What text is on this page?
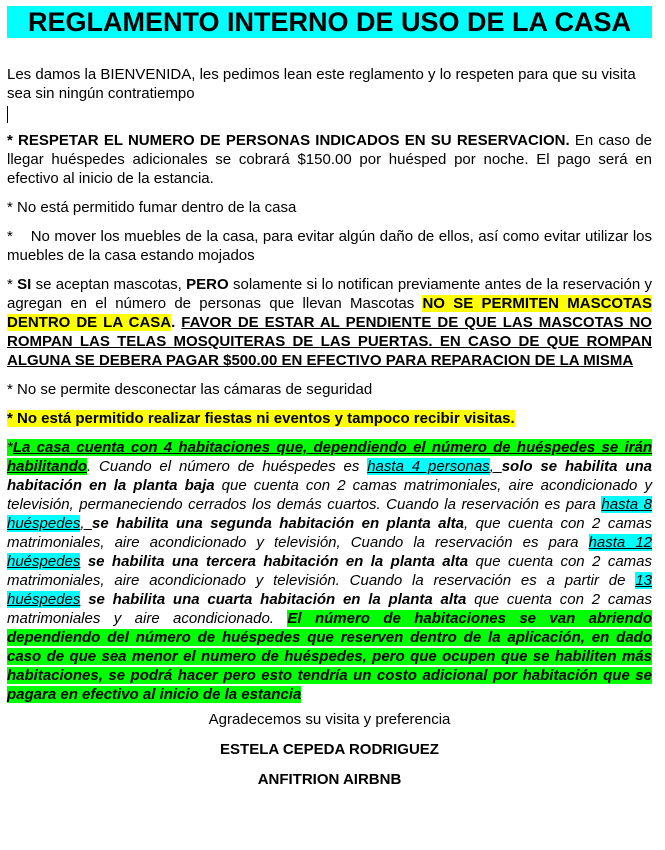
REGLAMENTO INTERNO DE USO DE LA CASA

Les damos la BIENVENIDA, les pedimos lean este reglamento y lo respeten para que su visita sea sin ningún contratiempo

* RESPETAR EL NUMERO DE PERSONAS INDICADOS EN SU RESERVACION. En caso de llegar huéspedes adicionales se cobrará $150.00 por huésped por noche. El pago será en efectivo al inicio de la estancia.

* No está permitido fumar dentro de la casa

*    No mover los muebles de la casa, para evitar algún daño de ellos, así como evitar utilizar los muebles de la casa estando mojados

* SI se aceptan mascotas, PERO solamente si lo notifican previamente antes de la reservación y agregan en el número de personas que llevan Mascotas NO SE PERMITEN MASCOTAS DENTRO DE LA CASA. FAVOR DE ESTAR AL PENDIENTE DE QUE LAS MASCOTAS NO ROMPAN LAS TELAS MOSQUITERAS DE LAS PUERTAS. EN CASO DE QUE ROMPAN ALGUNA SE DEBERA PAGAR $500.00 EN EFECTIVO PARA REPARACION DE LA MISMA

* No se permite desconectar las cámaras de seguridad

* No está permitido realizar fiestas ni eventos y tampoco recibir visitas.

*La casa cuenta con 4 habitaciones que, dependiendo el número de huéspedes se irán habilitando. Cuando el número de huéspedes es hasta 4 personas, solo se habilita una habitación en la planta baja que cuenta con 2 camas matrimoniales, aire acondicionado y televisión, permaneciendo cerrados los demás cuartos. Cuando la reservación es para hasta 8 huéspedes, se habilita una segunda habitación en planta alta, que cuenta con 2 camas matrimoniales, aire acondicionado y televisión, Cuando la reservación es para hasta 12 huéspedes se habilita una tercera habitación en la planta alta que cuenta con 2 camas matrimoniales, aire acondicionado y televisión. Cuando la reservación es a partir de 13 huéspedes se habilita una cuarta habitación en la planta alta que cuenta con 2 camas matrimoniales y aire acondicionado. El número de habitaciones se van abriendo dependiendo del número de huéspedes que reserven dentro de la aplicación, en dado caso de que sea menor el numero de huéspedes, pero que ocupen que se habiliten más habitaciones, se podrá hacer pero esto tendría un costo adicional por habitación que se pagara en efectivo al inicio de la estancia

Agradecemos su visita y preferencia

ESTELA CEPEDA RODRIGUEZ

ANFITRION AIRBNB
